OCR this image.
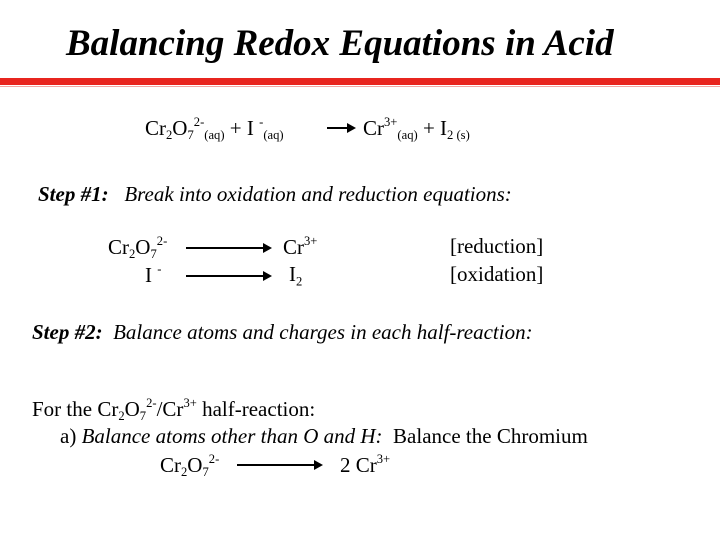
Balancing Redox Equations in Acid
$Cr_2O_7^{2-}_{(aq)} + I$ -$_{(aq)}$	$Cr^{3+}_{(aq)} + I_2$ $_{(s)}$
Step #1: Break into oxidation and reduction equations:
$Cr_2O_7^{2-}$	$Cr^{3+}$	[reduction]
I -	$I_2$	[oxidation]
Step #2: Balance atoms and charges in each half-reaction:
For the $Cr_2O_7^{2-}/Cr^{3+}$ half-reaction:
a) Balance atoms other than O and H:  Balance the Chromium
$Cr_2O_7^{2-}$	2 $Cr^{3+}$
